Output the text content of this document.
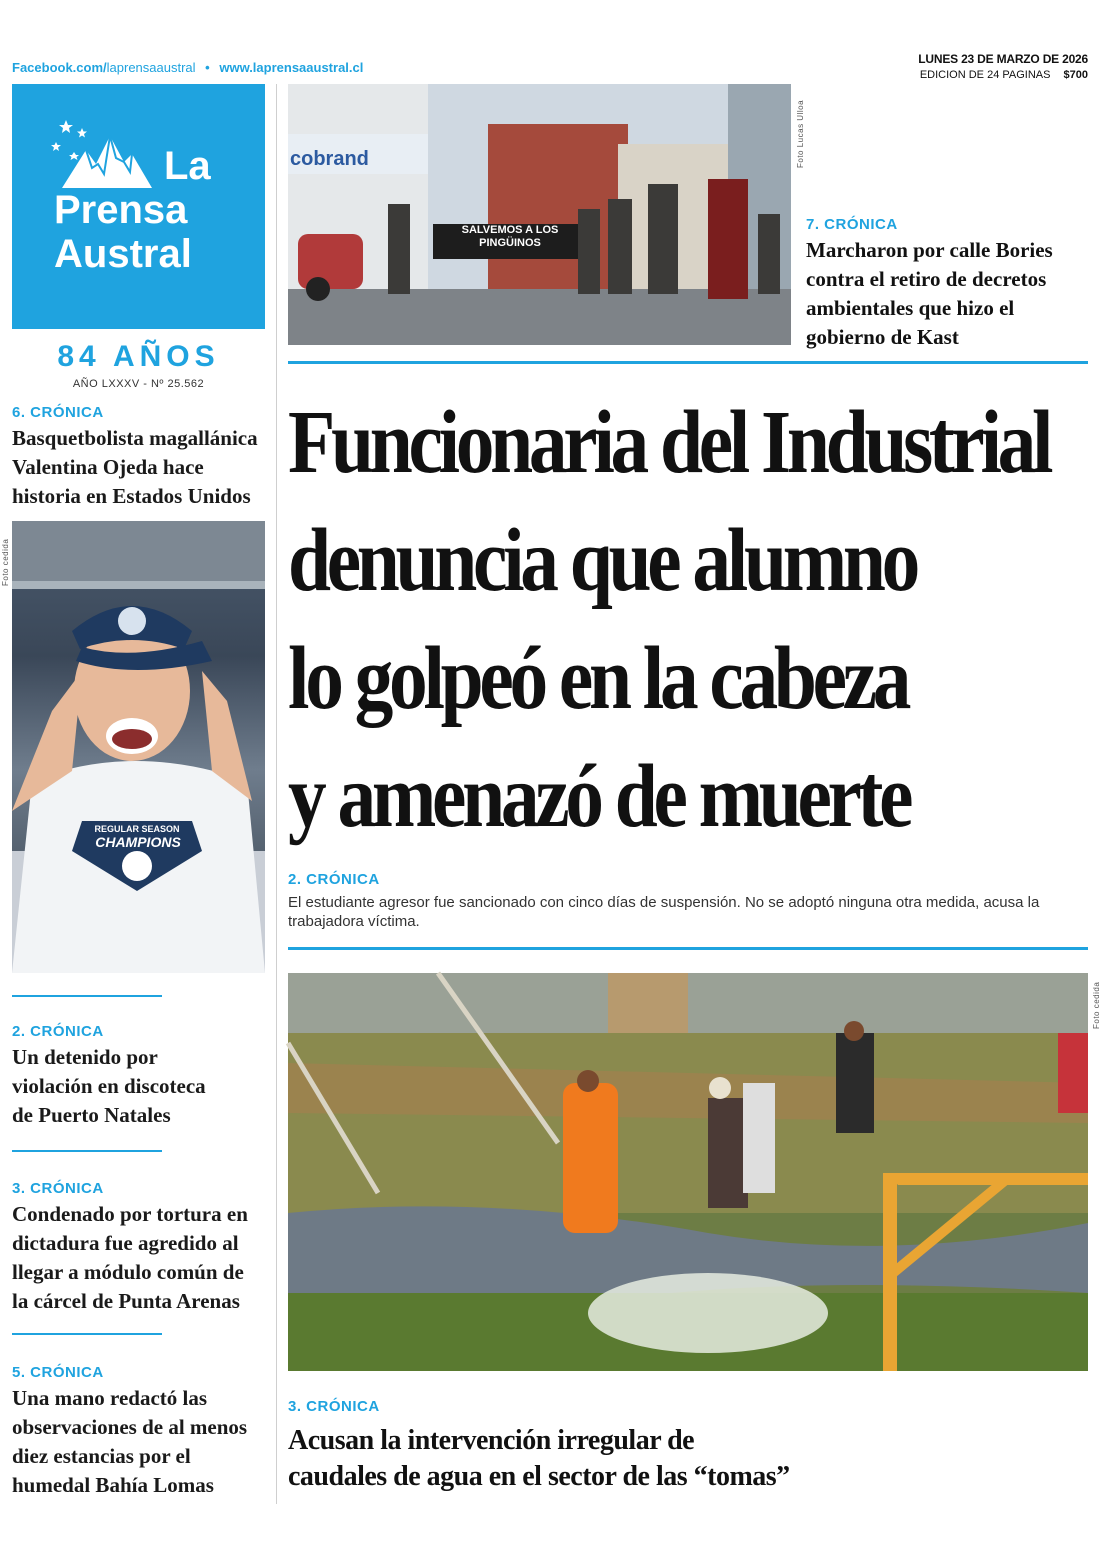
Facebook.com/laprensaaustral • www.laprensaaustral.cl
LUNES 23 DE MARZO DE 2026
EDICION DE 24 PAGINAS $700
La
Prensa
Austral
84 AÑOS
AÑO LXXXV - Nº 25.562
6. CRÓNICA
Basquetbolista magallánica Valentina Ojeda hace historia en Estados Unidos
Foto cedida
REGULAR SEASON
CHAMPIONS
2. CRÓNICA
Un detenido por violación en discoteca de Puerto Natales
3. CRÓNICA
Condenado por tortura en dictadura fue agredido al llegar a módulo común de la cárcel de Punta Arenas
5. CRÓNICA
Una mano redactó las observaciones de al menos diez estancias por el humedal Bahía Lomas
cobrand
SALVEMOS A LOS PINGÜINOS
Foto Lucas Ulloa
7. CRÓNICA
Marcharon por calle Bories contra el retiro de decretos ambientales que hizo el gobierno de Kast
Funcionaria del Industrial
denuncia que alumno
lo golpeó en la cabeza
y amenazó de muerte
2. CRÓNICA
El estudiante agresor fue sancionado con cinco días de suspensión. No se adoptó ninguna otra medida, acusa la trabajadora víctima.
Foto cedida
3. CRÓNICA
Acusan la intervención irregular de
caudales de agua en el sector de las “tomas”
